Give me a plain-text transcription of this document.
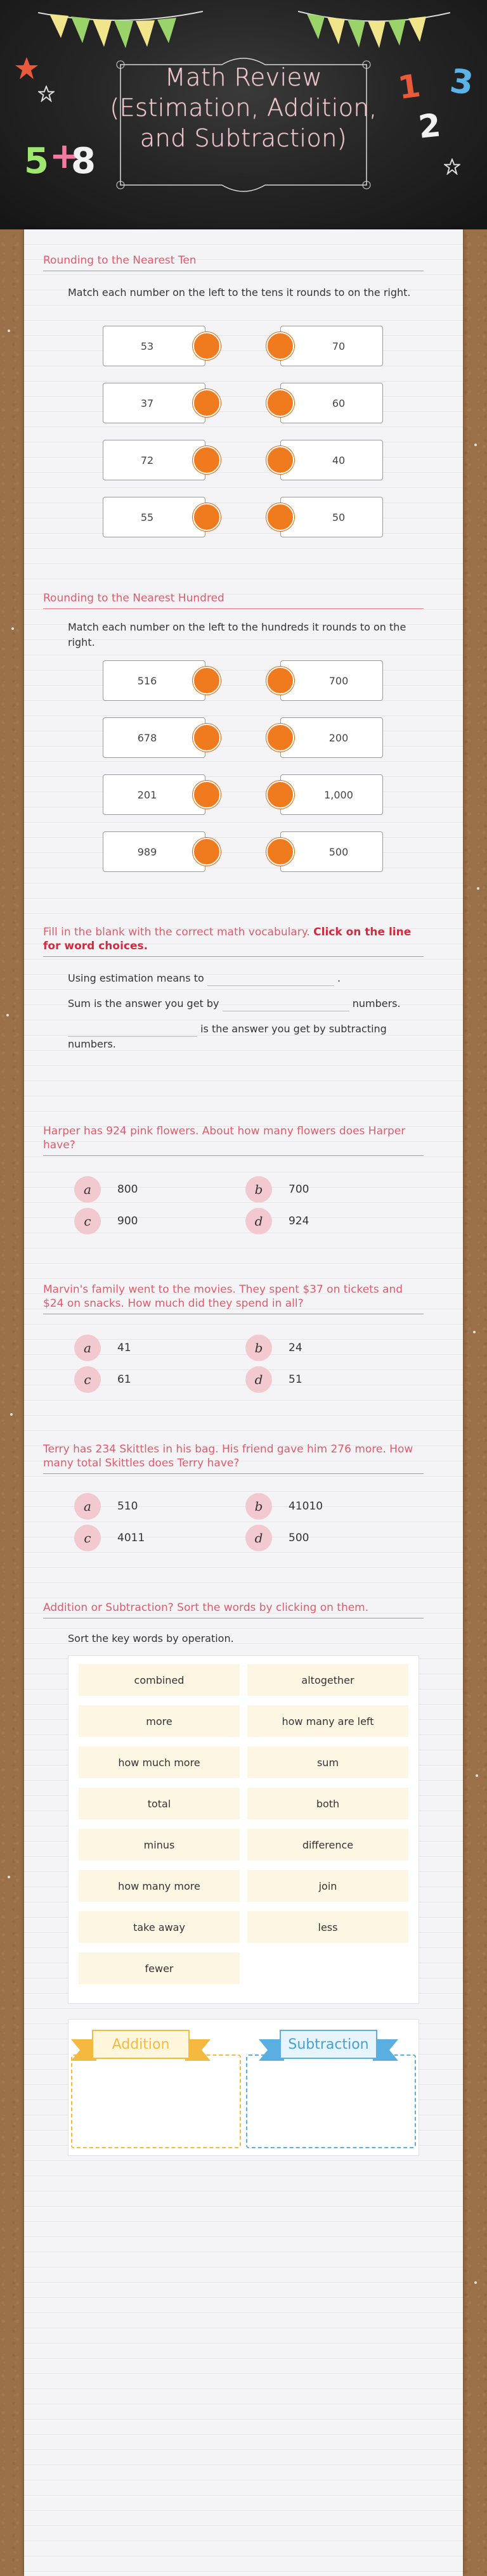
Math Review
(Estimation, Addition,
and Subtraction)
1
2
3
5 +
8
Rounding to the Nearest Ten
Match each number on the left to the tens it rounds to on the right.
53
37
72
55
70
60
40
50
Rounding to the Nearest Hundred
Match each number on the left to the hundreds it rounds to on the right.
516
678
201
989
700
200
1,000
500
Fill in the blank with the correct math vocabulary. Click on the line for word choices.
Using estimation means to	.
Sum is the answer you get by	numbers.
is the answer you get by subtracting
numbers.
Harper has 924 pink flowers. About how many flowers does Harper have?
a	800	b	700
c	900	d	924
Marvin's family went to the movies. They spent $37 on tickets and $24 on snacks. How much did they spend in all?
a	41	b	24
c	61	d	51
Terry has 234 Skittles in his bag. His friend gave him 276 more. How many total Skittles does Terry have?
a	510	b	41010
c	4011	d	500
Addition or Subtraction? Sort the words by clicking on them.
Sort the key words by operation.
combined	altogether
more	how many are left
how much more	sum
total	both
minus	difference
how many more	join
take away	less
fewer
Addition	Subtraction
